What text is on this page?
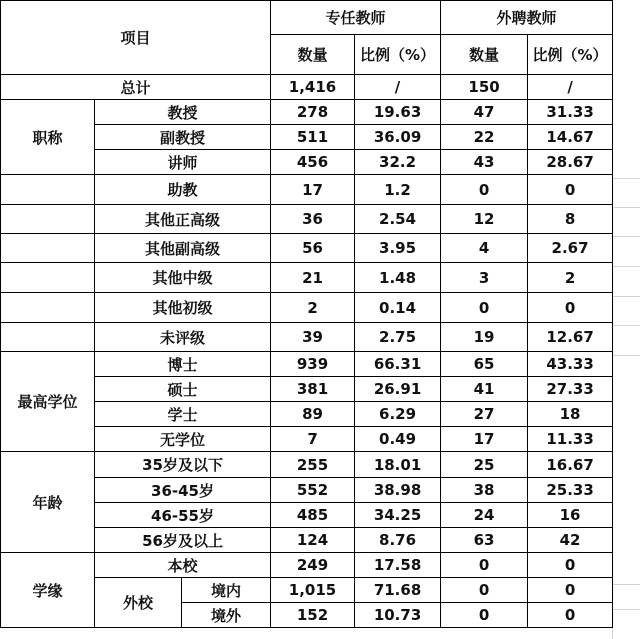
项目			专任教师		外聘教师	
			数量	比例（%）	数量	比例（%）
总计			1,416	/	150	/
职称	教授		278	19.63	47	31.33
	副教授		511	36.09	22	14.67
	讲师		456	32.2	43	28.67
	助教		17	1.2	0	0
	其他正高级		36	2.54	12	8
	其他副高级		56	3.95	4	2.67
	其他中级		21	1.48	3	2
	其他初级		2	0.14	0	0
	未评级		39	2.75	19	12.67
最高学位	博士		939	66.31	65	43.33
	硕士		381	26.91	41	27.33
	学士		89	6.29	27	18
	无学位		7	0.49	17	11.33
年龄	35岁及以下		255	18.01	25	16.67
	36-45岁		552	38.98	38	25.33
	46-55岁		485	34.25	24	16
	56岁及以上		124	8.76	63	42
学缘	本校		249	17.58	0	0
	外校	境内	1,015	71.68	0	0
		境外	152	10.73	0	0
